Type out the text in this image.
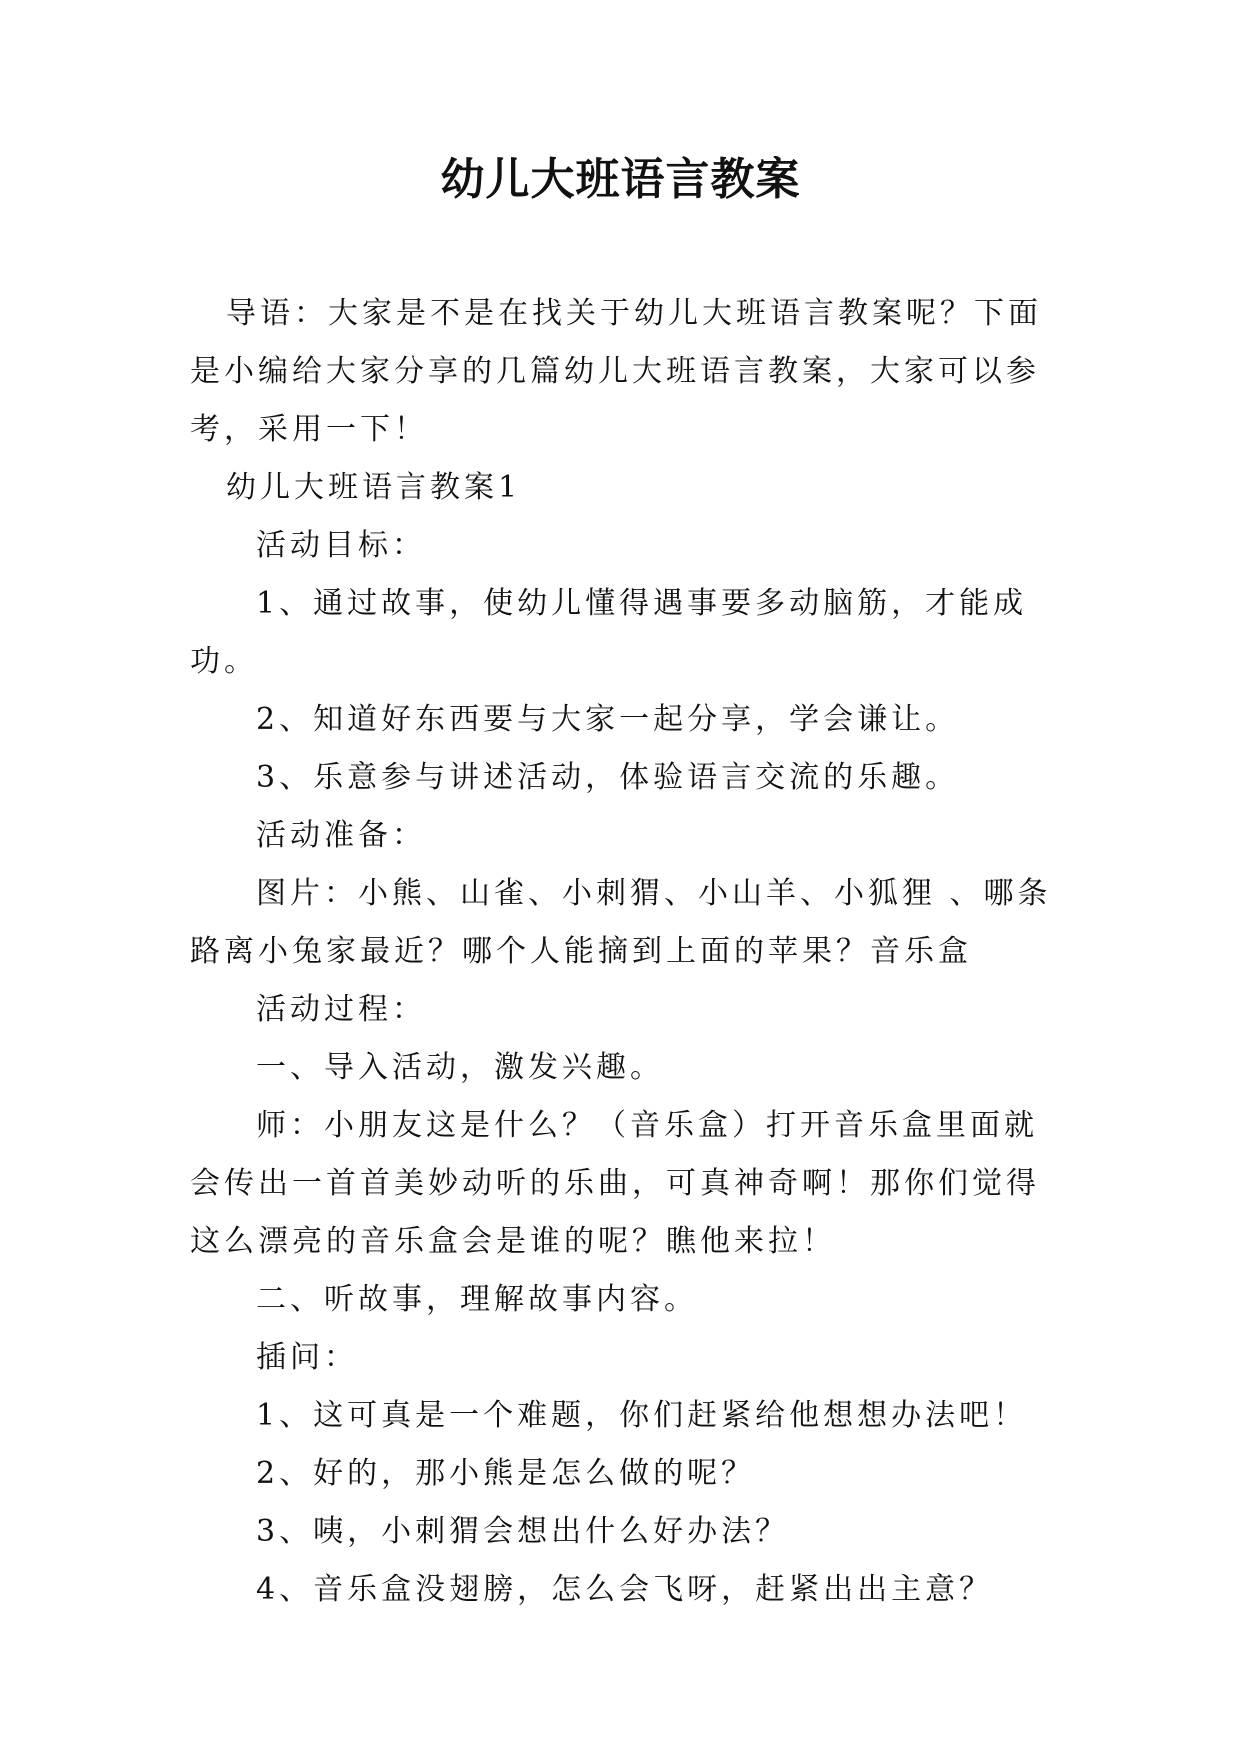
幼儿大班语言教案

导语：大家是不是在找关于幼儿大班语言教案呢？下面是小编给大家分享的几篇幼儿大班语言教案，大家可以参考，采用一下！

幼儿大班语言教案1

活动目标：

1、通过故事，使幼儿懂得遇事要多动脑筋，才能成功。

2、知道好东西要与大家一起分享，学会谦让。

3、乐意参与讲述活动，体验语言交流的乐趣。

活动准备：

图片：小熊、山雀、小刺猬、小山羊、小狐狸 、哪条路离小兔家最近？哪个人能摘到上面的苹果？音乐盒

活动过程：

一、导入活动，激发兴趣。

师：小朋友这是什么？（音乐盒）打开音乐盒里面就会传出一首首美妙动听的乐曲，可真神奇啊！那你们觉得这么漂亮的音乐盒会是谁的呢？瞧他来拉！

二、听故事，理解故事内容。

插问：

1、这可真是一个难题，你们赶紧给他想想办法吧！

2、好的，那小熊是怎么做的呢？

3、咦，小刺猬会想出什么好办法？

4、音乐盒没翅膀，怎么会飞呀，赶紧出出主意？
